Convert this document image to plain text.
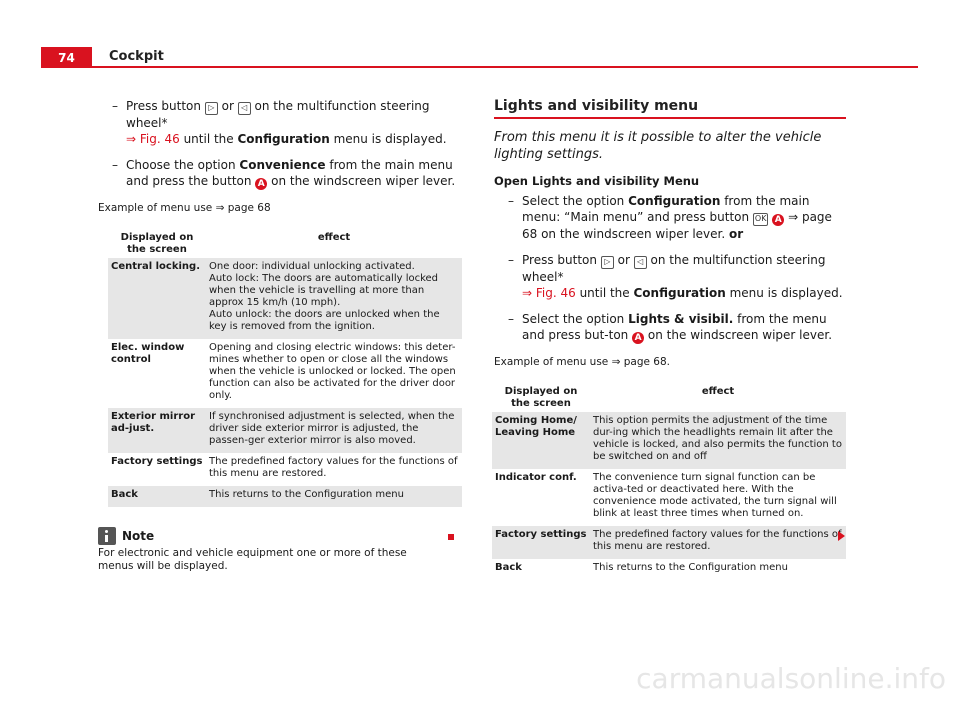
74	Cockpit
– Press button ▷ or ◁ on the multifunction steering wheel*
⇒ Fig. 46 until the Configuration menu is displayed.
– Choose the option Convenience from the main menu and press the button A on the windscreen wiper lever.
Example of menu use ⇒ page 68
Displayed on the screen	effect
Central locking.	One door: individual unlocking activated.
Auto lock: The doors are automatically locked when the vehicle is travelling at more than approx 15 km/h (10 mph).
Auto unlock: the doors are unlocked when the key is removed from the ignition.
Elec. window control	Opening and closing electric windows: this deter-mines whether to open or close all the windows when the vehicle is unlocked or locked. The open function can also be activated for the driver door only.
Exterior mirror ad-just.	If synchronised adjustment is selected, when the driver side exterior mirror is adjusted, the passen-ger exterior mirror is also moved.
Factory settings	The predefined factory values for the functions of this menu are restored.
Back	This returns to the Configuration menu
Note
For electronic and vehicle equipment one or more of these menus will be displayed.
Lights and visibility menu
From this menu it is it possible to alter the vehicle lighting settings.
Open Lights and visibility Menu
– Select the option Configuration from the main menu: “Main menu” and press button OK A ⇒ page 68 on the windscreen wiper lever. or
– Press button ▷ or ◁ on the multifunction steering wheel*
⇒ Fig. 46 until the Configuration menu is displayed.
– Select the option Lights & visibil. from the menu and press but-ton A on the windscreen wiper lever.
Example of menu use ⇒ page 68.
Displayed on the screen	effect
Coming Home/ Leaving Home	This option permits the adjustment of the time dur-ing which the headlights remain lit after the vehicle is locked, and also permits the function to be switched on and off
Indicator conf.	The convenience turn signal function can be activa-ted or deactivated here. With the convenience mode activated, the turn signal will blink at least three times when turned on.
Factory settings	The predefined factory values for the functions of this menu are restored.
Back	This returns to the Configuration menu
carmanualsonline.info
